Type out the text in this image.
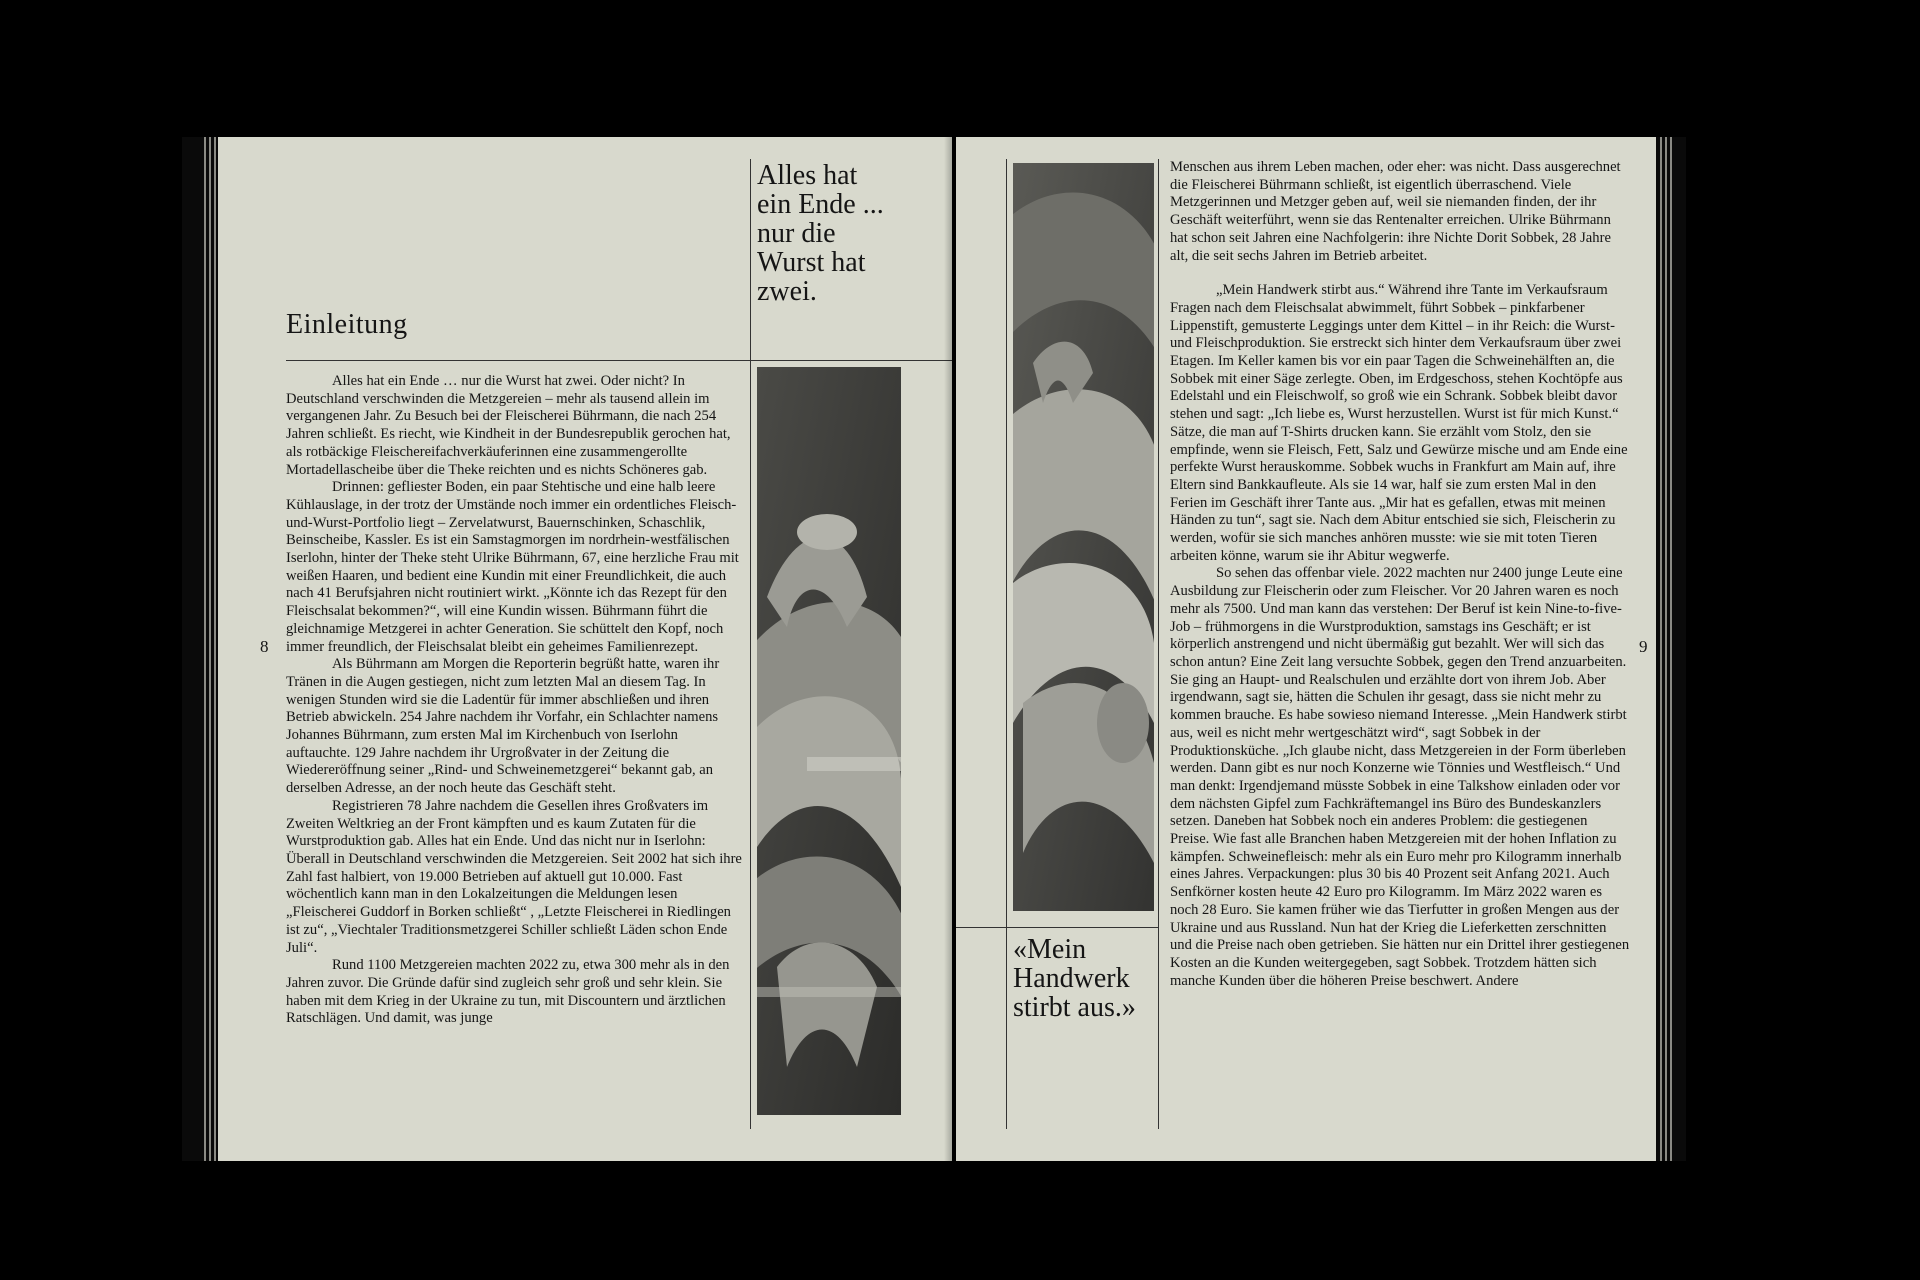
Einleitung
Alles hat
ein Ende ...
nur die
Wurst hat
zwei.
8

Alles hat ein Ende … nur die Wurst hat zwei. Oder nicht? In Deutschland verschwinden die Metzgereien – mehr als tausend allein im vergangenen Jahr. Zu Besuch bei der Fleischerei Bührmann, die nach 254 Jahren schließt. Es riecht, wie Kindheit in der Bundesrepublik gerochen hat, als rotbäckige Fleischereifachverkäuferinnen eine zusammengerollte Mortadellascheibe über die Theke reichten und es nichts Schöneres gab.

Drinnen: gefliester Boden, ein paar Stehtische und eine halb leere Kühlauslage, in der trotz der Umstände noch immer ein ordentliches Fleisch-und-Wurst-Portfolio liegt – Zervelatwurst, Bauernschinken, Schaschlik, Beinscheibe, Kassler. Es ist ein Samstagmorgen im nordrhein-westfälischen Iserlohn, hinter der Theke steht Ulrike Bührmann, 67, eine herzliche Frau mit weißen Haaren, und bedient eine Kundin mit einer Freundlichkeit, die auch nach 41 Berufsjahren nicht routiniert wirkt. „Könnte ich das Rezept für den Fleischsalat bekommen?“, will eine Kundin wissen. Bührmann führt die gleichnamige Metzgerei in achter Generation. Sie schüttelt den Kopf, noch immer freundlich, der Fleischsalat bleibt ein geheimes Familienrezept.

Als Bührmann am Morgen die Reporterin begrüßt hatte, waren ihr Tränen in die Augen gestiegen, nicht zum letzten Mal an diesem Tag. In wenigen Stunden wird sie die Ladentür für immer abschließen und ihren Betrieb abwickeln. 254 Jahre nachdem ihr Vorfahr, ein Schlachter namens Johannes Bührmann, zum ersten Mal im Kirchenbuch von Iserlohn auftauchte. 129 Jahre nachdem ihr Urgroßvater in der Zeitung die Wiedereröffnung seiner „Rind- und Schweinemetzgerei“ bekannt gab, an derselben Adresse, an der noch heute das Geschäft steht.

Registrieren 78 Jahre nachdem die Gesellen ihres Großvaters im Zweiten Weltkrieg an der Front kämpften und es kaum Zutaten für die Wurstproduktion gab. Alles hat ein Ende. Und das nicht nur in Iserlohn: Überall in Deutschland verschwinden die Metzgereien. Seit 2002 hat sich ihre Zahl fast halbiert, von 19.000 Betrieben auf aktuell gut 10.000. Fast wöchentlich kann man in den Lokalzeitungen die Meldungen lesen „Fleischerei Guddorf in Borken schließt“ , „Letzte Fleischerei in Riedlingen ist zu“, „Viechtaler Traditionsmetzgerei Schiller schließt Läden schon Ende Juli“.

Rund 1100 Metzgereien machten 2022 zu, etwa 300 mehr als in den Jahren zuvor. Die Gründe dafür sind zugleich sehr groß und sehr klein. Sie haben mit dem Krieg in der Ukraine zu tun, mit Discountern und ärztlichen Ratschlägen. Und damit, was junge

«Mein
Handwerk
stirbt aus.»
9

Menschen aus ihrem Leben machen, oder eher: was nicht. Dass ausgerechnet die Fleischerei Bührmann schließt, ist eigentlich überraschend. Viele Metzgerinnen und Metzger geben auf, weil sie niemanden finden, der ihr Geschäft weiterführt, wenn sie das Rentenalter erreichen. Ulrike Bührmann hat schon seit Jahren eine Nachfolgerin: ihre Nichte Dorit Sobbek, 28 Jahre alt, die seit sechs Jahren im Betrieb arbeitet.

„Mein Handwerk stirbt aus.“ Während ihre Tante im Verkaufsraum Fragen nach dem Fleischsalat abwimmelt, führt Sobbek – pinkfarbener Lippenstift, gemusterte Leggings unter dem Kittel – in ihr Reich: die Wurst- und Fleischproduktion. Sie erstreckt sich hinter dem Verkaufsraum über zwei Etagen. Im Keller kamen bis vor ein paar Tagen die Schweinehälften an, die Sobbek mit einer Säge zerlegte. Oben, im Erdgeschoss, stehen Kochtöpfe aus Edelstahl und ein Fleischwolf, so groß wie ein Schrank. Sobbek bleibt davor stehen und sagt: „Ich liebe es, Wurst herzustellen. Wurst ist für mich Kunst.“ Sätze, die man auf T-Shirts drucken kann. Sie erzählt vom Stolz, den sie empfinde, wenn sie Fleisch, Fett, Salz und Gewürze mische und am Ende eine perfekte Wurst herauskomme. Sobbek wuchs in Frankfurt am Main auf, ihre Eltern sind Bankkaufleute. Als sie 14 war, half sie zum ersten Mal in den Ferien im Geschäft ihrer Tante aus. „Mir hat es gefallen, etwas mit meinen Händen zu tun“, sagt sie. Nach dem Abitur entschied sie sich, Fleischerin zu werden, wofür sie sich manches anhören musste: wie sie mit toten Tieren arbeiten könne, warum sie ihr Abitur wegwerfe.

So sehen das offenbar viele. 2022 machten nur 2400 junge Leute eine Ausbildung zur Fleischerin oder zum Fleischer. Vor 20 Jahren waren es noch mehr als 7500. Und man kann das verstehen: Der Beruf ist kein Nine-to-five-Job – frühmorgens in die Wurstproduktion, samstags ins Geschäft; er ist körperlich anstrengend und nicht übermäßig gut bezahlt. Wer will sich das schon antun? Eine Zeit lang versuchte Sobbek, gegen den Trend anzuarbeiten. Sie ging an Haupt- und Realschulen und erzählte dort von ihrem Job. Aber irgendwann, sagt sie, hätten die Schulen ihr gesagt, dass sie nicht mehr zu kommen brauche. Es habe sowieso niemand Interesse. „Mein Handwerk stirbt aus, weil es nicht mehr wertgeschätzt wird“, sagt Sobbek in der Produktionsküche. „Ich glaube nicht, dass Metzgereien in der Form überleben werden. Dann gibt es nur noch Konzerne wie Tönnies und Westfleisch.“ Und man denkt: Irgendjemand müsste Sobbek in eine Talkshow einladen oder vor dem nächsten Gipfel zum Fachkräftemangel ins Büro des Bundeskanzlers setzen. Daneben hat Sobbek noch ein anderes Problem: die gestiegenen Preise. Wie fast alle Branchen haben Metzgereien mit der hohen Inflation zu kämpfen. Schweinefleisch: mehr als ein Euro mehr pro Kilogramm innerhalb eines Jahres. Verpackungen: plus 30 bis 40 Prozent seit Anfang 2021. Auch Senfkörner kosten heute 42 Euro pro Kilogramm. Im März 2022 waren es noch 28 Euro. Sie kamen früher wie das Tierfutter in großen Mengen aus der Ukraine und aus Russland. Nun hat der Krieg die Lieferketten zerschnitten und die Preise nach oben getrieben. Sie hätten nur ein Drittel ihrer gestiegenen Kosten an die Kunden weitergegeben, sagt Sobbek. Trotzdem hätten sich manche Kunden über die höheren Preise beschwert. Andere
